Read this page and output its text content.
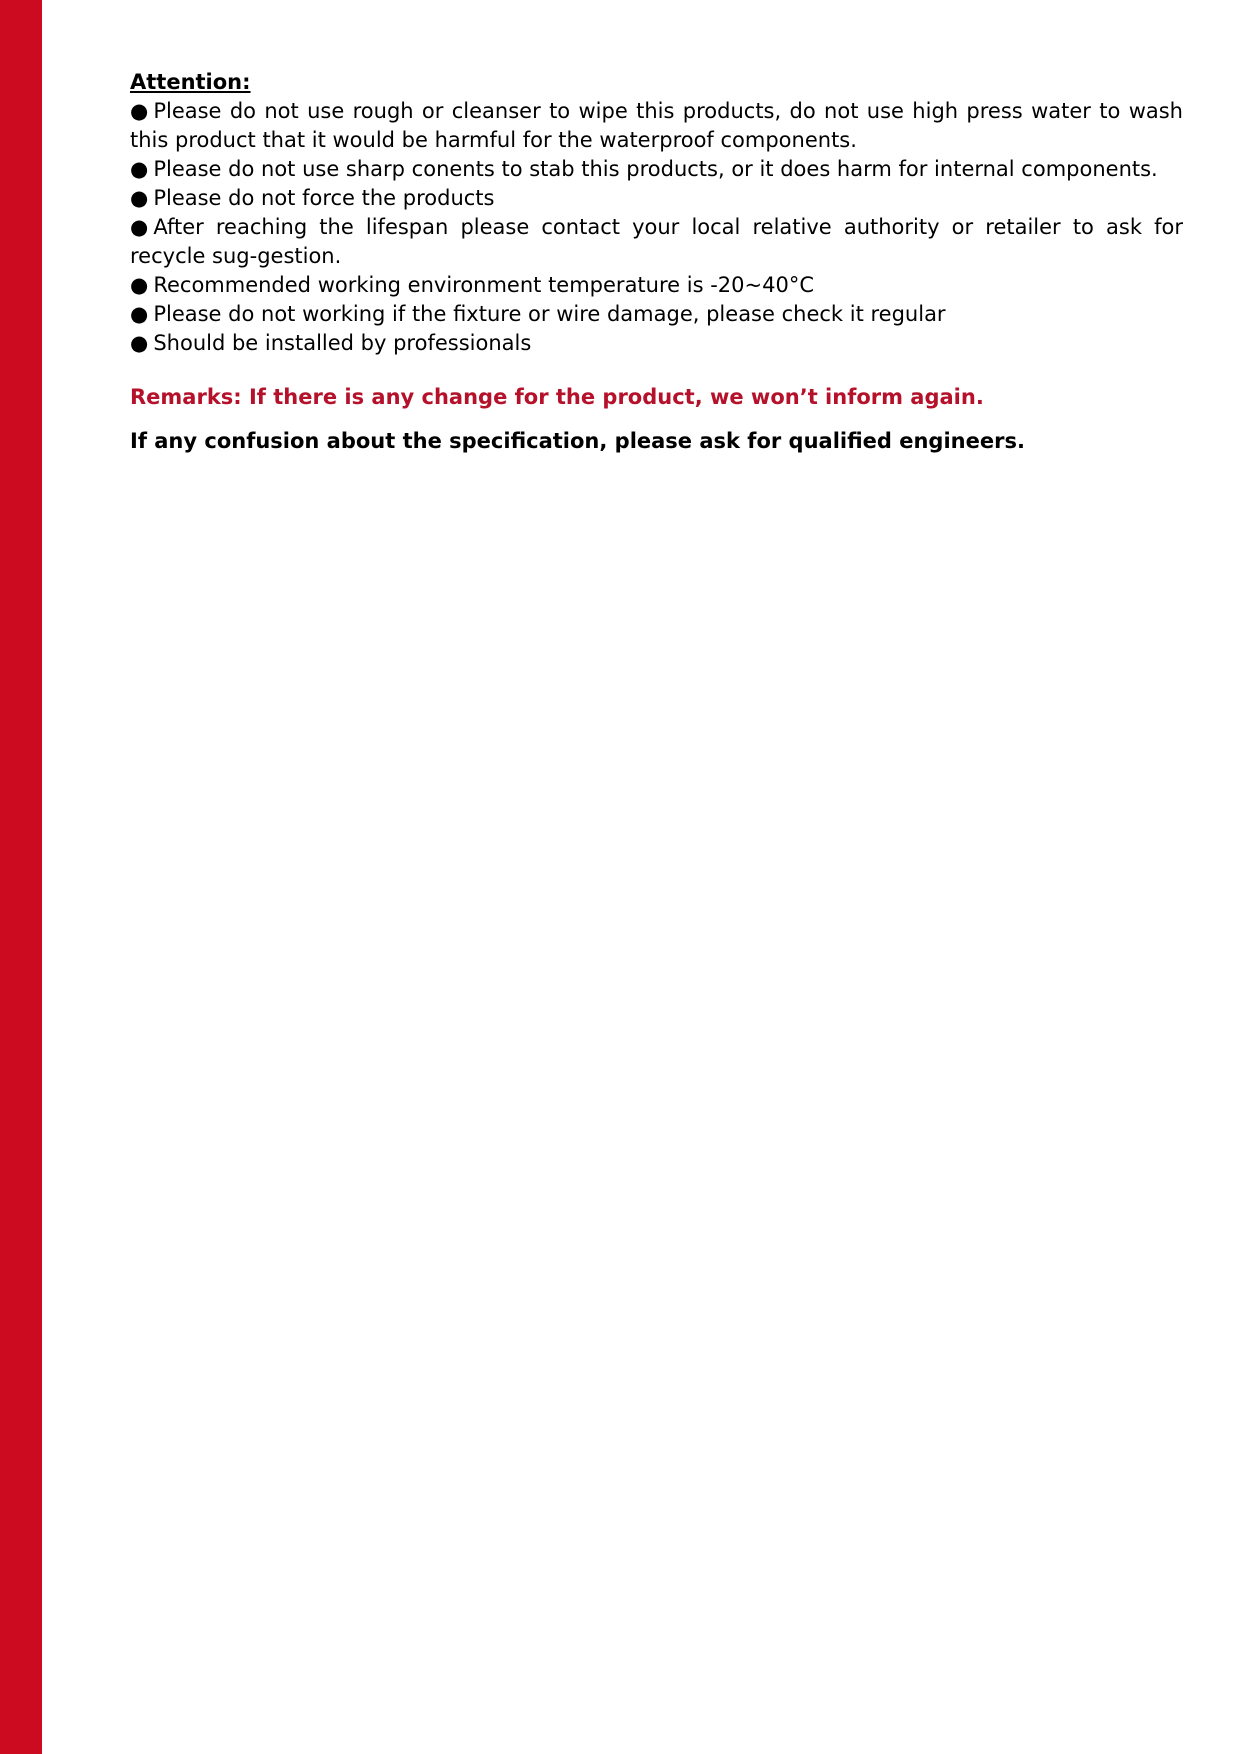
Attention:

● Please do not use rough or cleanser to wipe this products, do not use high press water to wash this product that it would be harmful for the waterproof components.
● Please do not use sharp conents to stab this products, or it does harm for internal components.
● Please do not force the products
● After reaching the lifespan please contact your local relative authority or retailer to ask for recycle sug-gestion.
● Recommended working environment temperature is -20~40°C
● Please do not working if the fixture or wire damage, please check it regular
● Should be installed by professionals

Remarks: If there is any change for the product, we won’t inform again.

If any confusion about the specification, please ask for qualified engineers.
